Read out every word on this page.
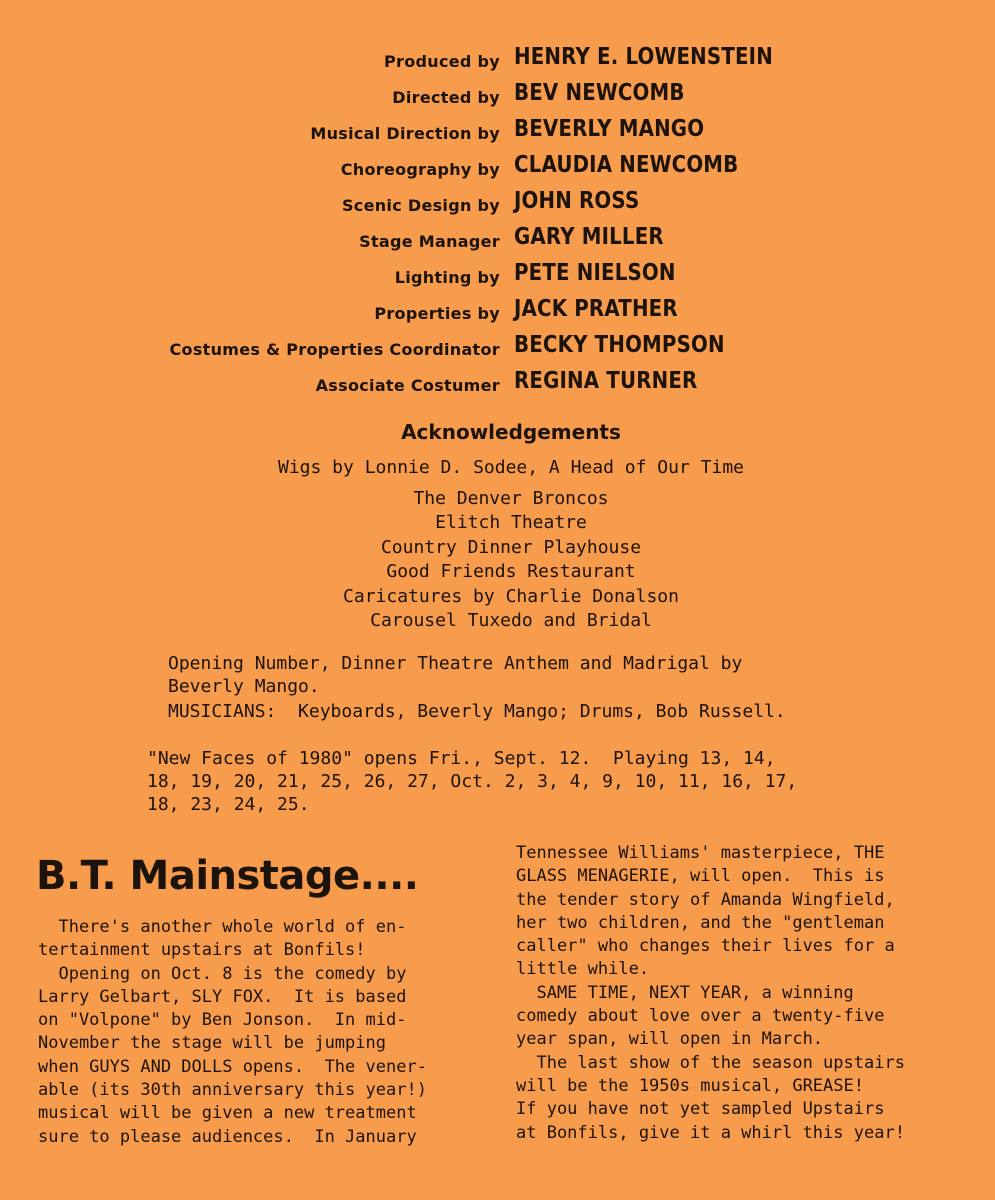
Produced by HENRY E. LOWENSTEIN
Directed by BEV NEWCOMB
Musical Direction by BEVERLY MANGO
Choreography by CLAUDIA NEWCOMB
Scenic Design by JOHN ROSS
Stage Manager GARY MILLER
Lighting by PETE NIELSON
Properties by JACK PRATHER
Costumes & Properties Coordinator BECKY THOMPSON
Associate Costumer REGINA TURNER
Acknowledgements
Wigs by Lonnie D. Sodee, A Head of Our Time
The Denver Broncos
Elitch Theatre
Country Dinner Playhouse
Good Friends Restaurant
Caricatures by Charlie Donalson
Carousel Tuxedo and Bridal
Opening Number, Dinner Theatre Anthem and Madrigal by
Beverly Mango.
MUSICIANS:  Keyboards, Beverly Mango; Drums, Bob Russell.
"New Faces of 1980" opens Fri., Sept. 12.  Playing 13, 14,
18, 19, 20, 21, 25, 26, 27, Oct. 2, 3, 4, 9, 10, 11, 16, 17,
18, 23, 24, 25.
B.T. Mainstage....

There's another whole world of en-
tertainment upstairs at Bonfils!
Opening on Oct. 8 is the comedy by
Larry Gelbart, SLY FOX.  It is based
on "Volpone" by Ben Jonson.  In mid-
November the stage will be jumping
when GUYS AND DOLLS opens.  The vener-
able (its 30th anniversary this year!)
musical will be given a new treatment
sure to please audiences.  In January

Tennessee Williams' masterpiece, THE
GLASS MENAGERIE, will open.  This is
the tender story of Amanda Wingfield,
her two children, and the "gentleman
caller" who changes their lives for a
little while.
SAME TIME, NEXT YEAR, a winning
comedy about love over a twenty-five
year span, will open in March.
The last show of the season upstairs
will be the 1950s musical, GREASE!
If you have not yet sampled Upstairs
at Bonfils, give it a whirl this year!
